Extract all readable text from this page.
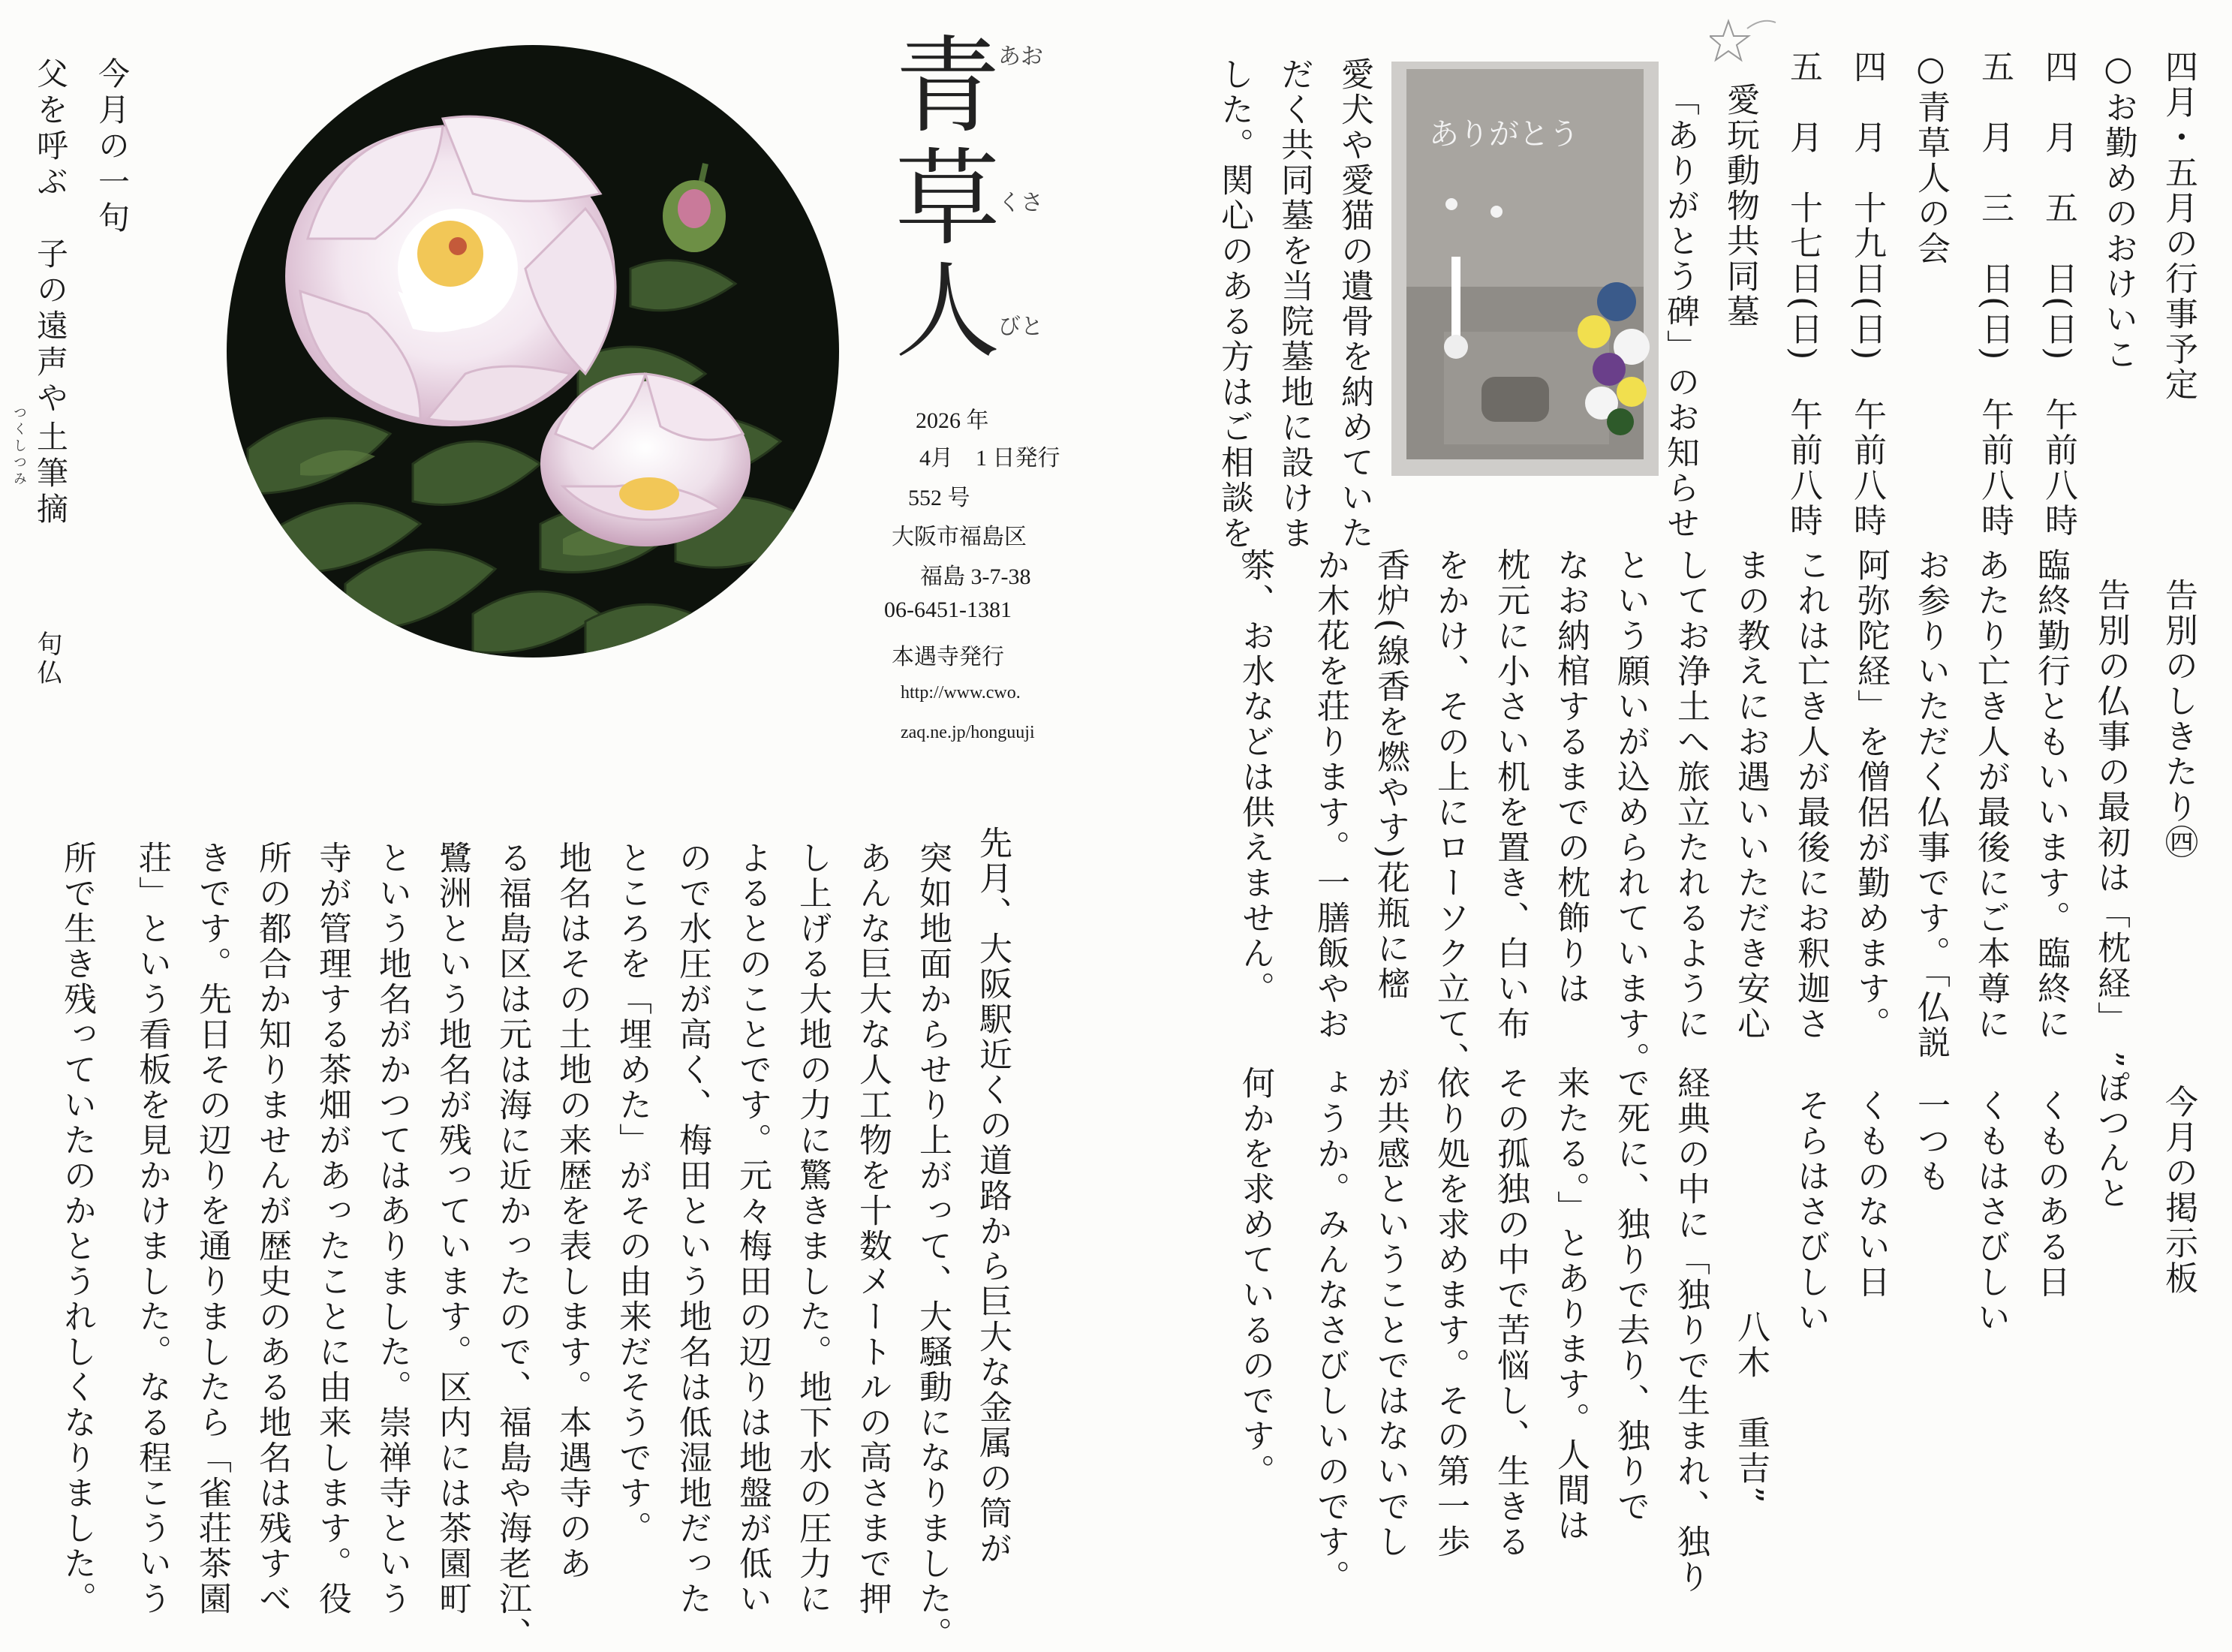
今月の一句
父を呼ぶ　子の遠声や
つくしつみ 土筆摘
句仏
青草人
あお
くさ
びと
2026 年
4月　1 日発行
552 号
大阪市福島区
福島 3-7-38
06-6451-1381
本遇寺発行
http://www.cwo.
zaq.ne.jp/honguuji
先月、大阪駅近くの道路から巨大な金属の筒が
突如地面からせり上がって、大騒動になりました。
あんな巨大な人工物を十数メートルの高さまで押
し上げる大地の力に驚きました。地下水の圧力に
よるとのことです。元々梅田の辺りは地盤が低い
ので水圧が高く、梅田という地名は低湿地だった
ところを「埋めた」がその由来だそうです。
地名はその土地の来歴を表します。本遇寺のあ
る福島区は元は海に近かったので、福島や海老江、
鷺洲という地名が残っています。区内には茶園町
という地名がかつてはありました。崇禅寺という
寺が管理する茶畑があったことに由来します。役
所の都合か知りませんが歴史のある地名は残すべ
きです。先日その辺りを通りましたら「雀荘茶園
荘」という看板を見かけました。なる程こういう
所で生き残っていたのかとうれしくなりました。
四月・五月の行事予定
○お勤めのおけいこ
四　月　五　日(日)　午前八時
五　月　三　日(日)　午前八時
○青草人の会
四　月　十九日(日)　午前八時
五　月　十七日(日)　午前八時
愛玩動物共同墓
「ありがとう碑」のお知らせ
愛犬や愛猫の遺骨を納めていた
だく共同墓を当院墓地に設けま
した。関心のある方はご相談を。	ありがとう
告別のしきたり㊃
告別の仏事の最初は「枕経」
臨終勤行ともいいます。臨終に
あたり亡き人が最後にご本尊に
お参りいただく仏事です。「仏説
阿弥陀経」を僧侶が勤めます。
これは亡き人が最後にお釈迦さ
まの教えにお遇いいただき安心
してお浄土へ旅立たれるように
という願いが込められています。
なお納棺するまでの枕飾りは
枕元に小さい机を置き、白い布
をかけ、その上にローソク立て、
香炉(線香を燃やす)花瓶に樒
か木花を荘ります。一膳飯やお
茶、お水などは供えません。
今月の掲示板
”ぽつんと
くものある日
くもはさびしい
一つも
くものない日
そらはさびしい
八木　重吉”
経典の中に「独りで生まれ、独り
で死に、独りで去り、独りで
来たる。」とあります。人間は
その孤独の中で苦悩し、生きる
依り処を求めます。その第一歩
が共感ということではないでし
ょうか。みんなさびしいのです。
何かを求めているのです。
